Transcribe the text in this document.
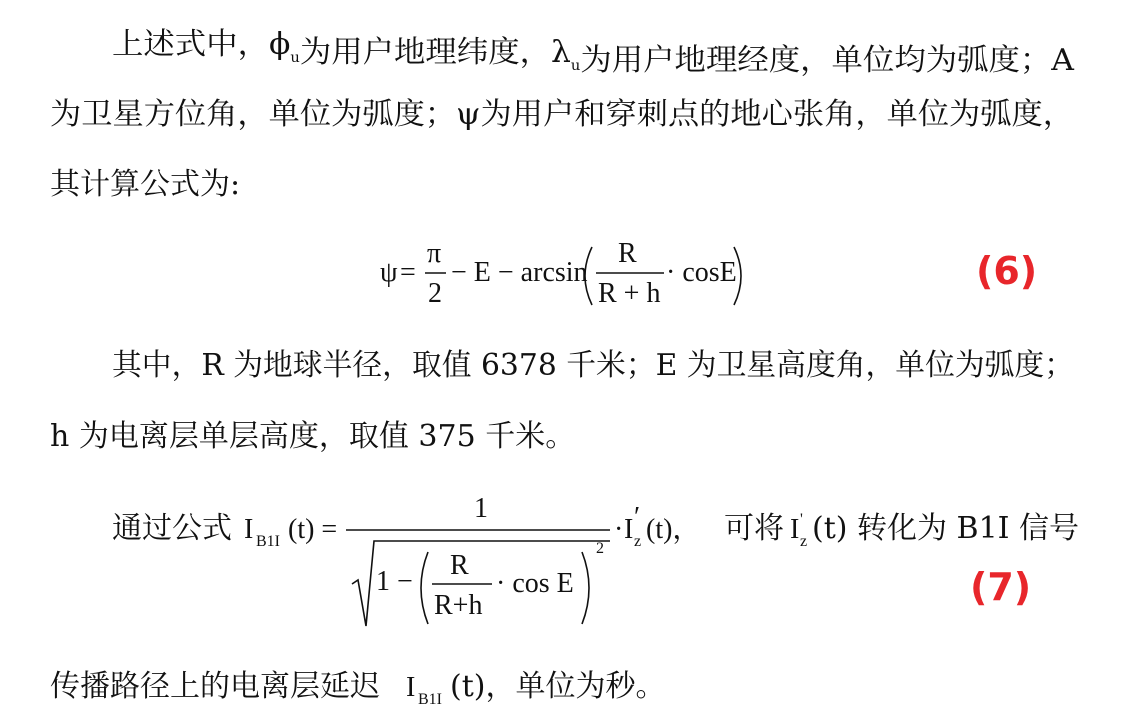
上述式中， $\phi_u$为用户地理纬度， $\lambda_u$为用户地理经度，单位均为弧度；A
为卫星方位角，单位为弧度；ψ为用户和穿刺点的地心张角，单位为弧度，
其计算公式为:
ψ =
π
2
− E − arcsin
R
R + h
· cosE	(6)
其中，R 为地球半径，取值 6378 千米；E 为卫星高度角，单位为弧度；
h 为电离层单层高度，取值 375 千米。
通过公式 I B1I (t) =
1
1 −
R
R+h
· cos E
2
· I ′
z (t)， 可将 I '
z (t) 转化为 B1I 信号
(7)
传播路径上的电离层延迟 I B1I (t)，单位为秒。
